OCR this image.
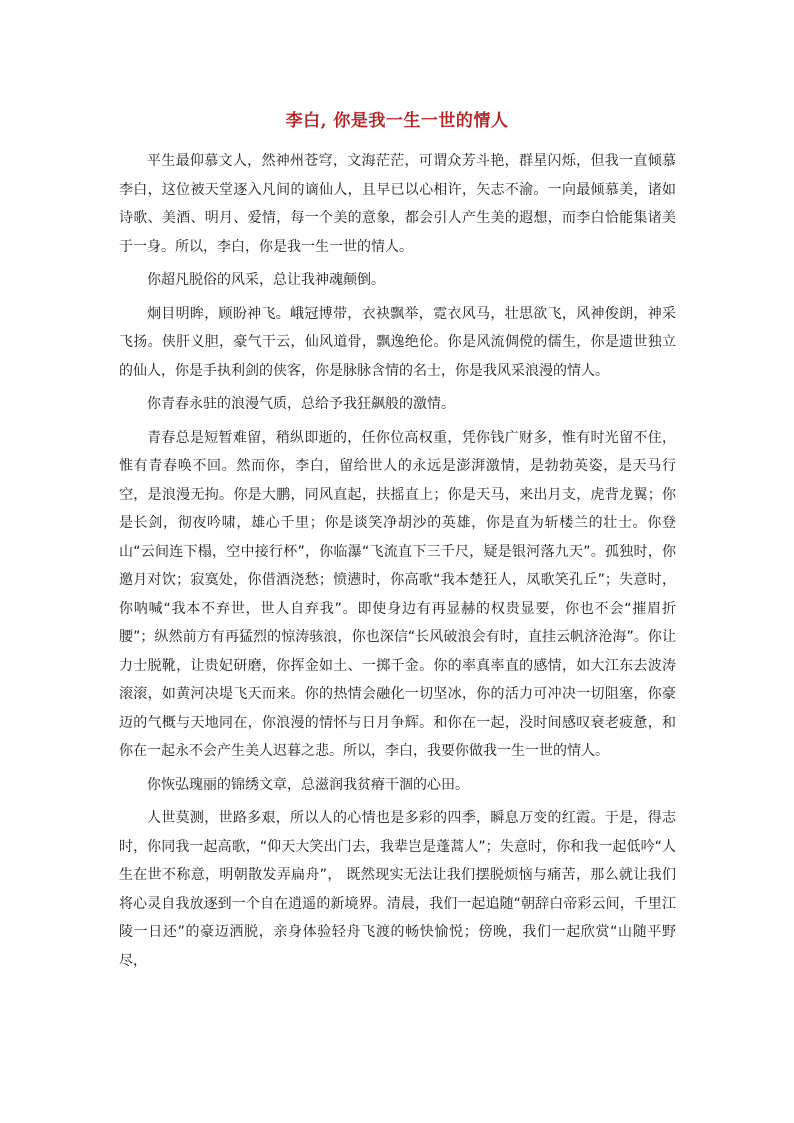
李白, 你是我一生一世的情人

平生最仰慕文人，然神州苍穹，文海茫茫，可谓众芳斗艳，群星闪烁，但我一直倾慕李白，这位被天堂逐入凡间的谪仙人，且早已以心相许，矢志不渝。一向最倾慕美，诸如诗歌、美酒、明月、爱情，每一个美的意象，都会引人产生美的遐想，而李白恰能集诸美于一身。所以，李白，你是我一生一世的情人。

你超凡脱俗的风采，总让我神魂颠倒。

炯目明眸，顾盼神飞。峨冠博带，衣袂飘举，霓衣风马，壮思欲飞，风神俊朗，神采飞扬。侠肝义胆，豪气干云，仙风道骨，飘逸绝伦。你是风流倜傥的儒生，你是遗世独立的仙人，你是手执利剑的侠客，你是脉脉含情的名士，你是我风采浪漫的情人。

你青春永驻的浪漫气质，总给予我狂飙般的激情。

青春总是短暂难留，稍纵即逝的，任你位高权重，凭你钱广财多，惟有时光留不住，惟有青春唤不回。然而你，李白，留给世人的永远是澎湃激情，是勃勃英姿，是天马行空，是浪漫无拘。你是大鹏，同风直起，扶摇直上；你是天马，来出月支，虎背龙翼；你是长剑，彻夜吟啸，雄心千里；你是谈笑净胡沙的英雄，你是直为斩楼兰的壮士。你登山“云间连下榻，空中接行杯”，你临瀑“飞流直下三千尺，疑是银河落九天”。孤独时，你邀月对饮；寂寞处，你借酒浇愁；愤懑时，你高歌“我本楚狂人，凤歌笑孔丘”；失意时，你呐喊“我本不弃世，世人自弃我”。即使身边有再显赫的权贵显要，你也不会“摧眉折腰”；纵然前方有再猛烈的惊涛骇浪，你也深信“长风破浪会有时，直挂云帆济沧海”。你让力士脱靴，让贵妃研磨，你挥金如土、一掷千金。你的率真率直的感情，如大江东去波涛滚滚，如黄河决堤飞天而来。你的热情会融化一切坚冰，你的活力可冲决一切阻塞，你豪迈的气概与天地同在，你浪漫的情怀与日月争辉。和你在一起，没时间感叹衰老疲惫，和你在一起永不会产生美人迟暮之悲。所以，李白，我要你做我一生一世的情人。

你恢弘瑰丽的锦绣文章，总滋润我贫瘠干涸的心田。

人世莫测，世路多艰，所以人的心情也是多彩的四季，瞬息万变的红霞。于是，得志时，你同我一起高歌，“仰天大笑出门去，我辈岂是蓬蒿人”；失意时，你和我一起低吟“人生在世不称意，明朝散发弄扁舟”， 既然现实无法让我们摆脱烦恼与痛苦，那么就让我们将心灵自我放逐到一个自在逍遥的新境界。清晨，我们一起追随“朝辞白帝彩云间，千里江陵一日还”的豪迈洒脱，亲身体验轻舟飞渡的畅快愉悦；傍晚，我们一起欣赏“山随平野尽，
